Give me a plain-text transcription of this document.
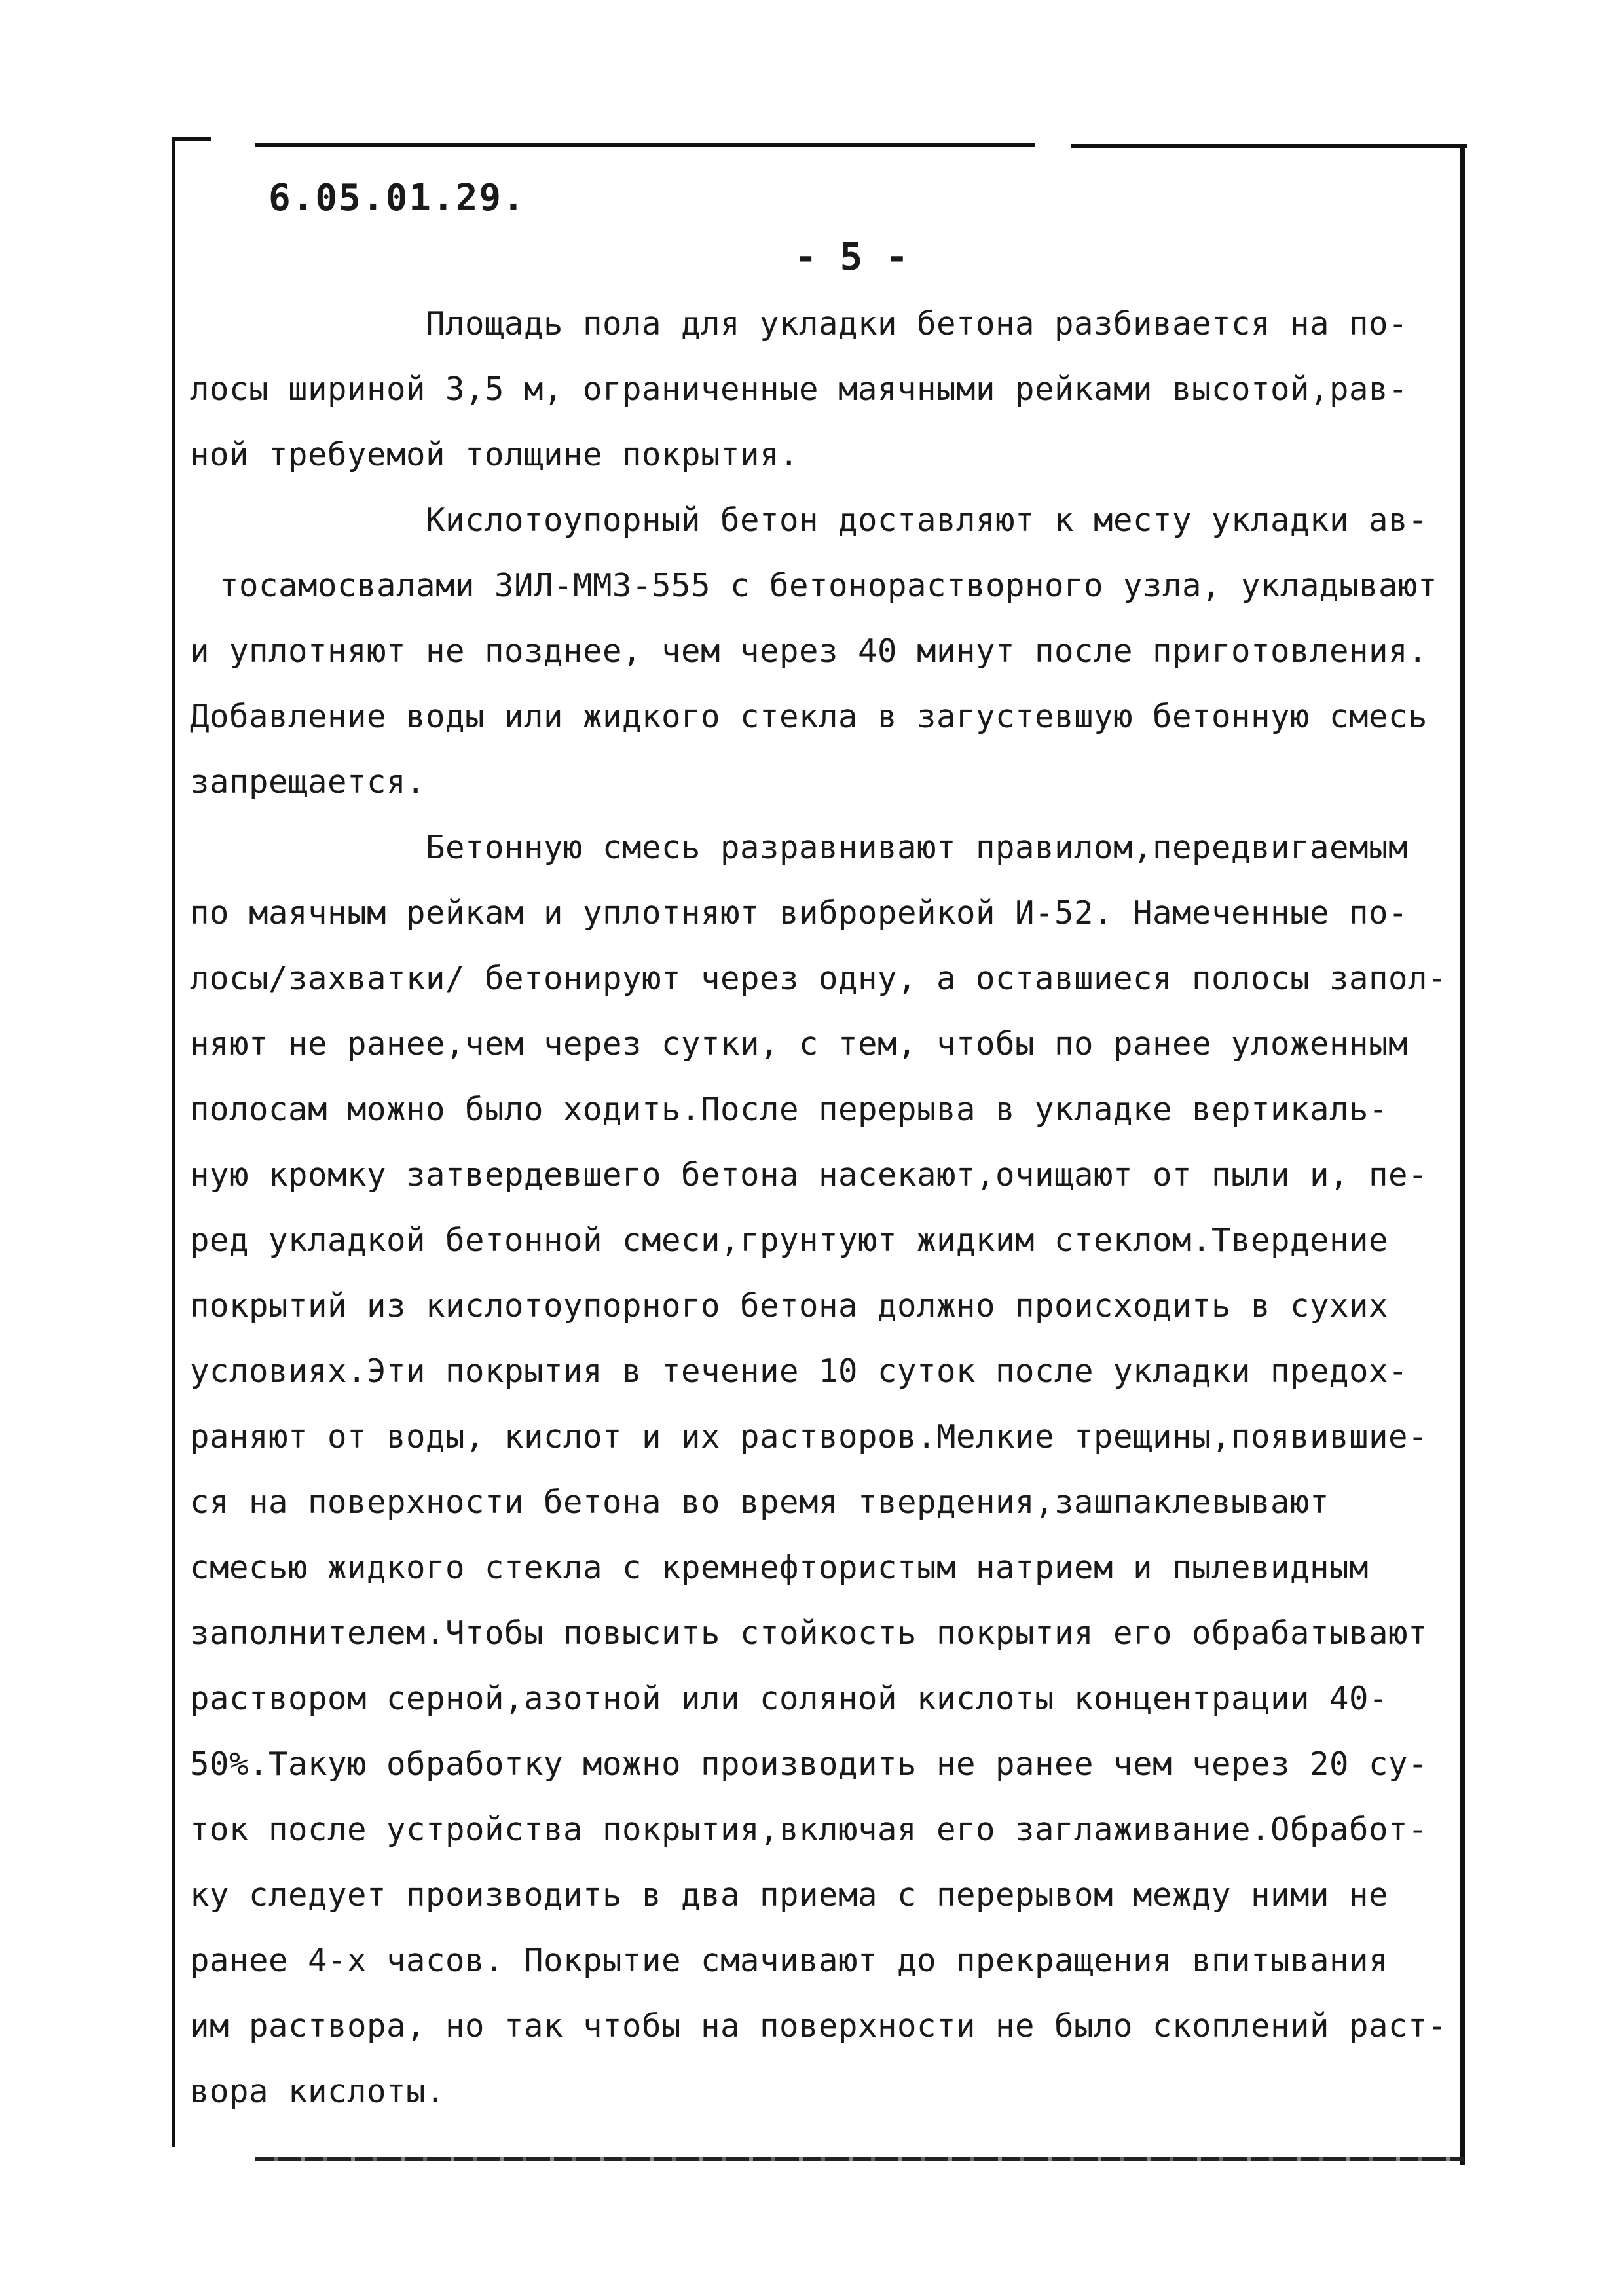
6.05.01.29.
- 5 -
Площадь пола для укладки бетона разбивается на по-
лосы шириной 3,5 м, ограниченные маячными рейками высотой,рав-
ной требуемой толщине покрытия.
Кислотоупорный бетон доставляют к месту укладки ав-
тосамосвалами ЗИЛ-ММЗ-555 с бетонорастворного узла, укладывают
и уплотняют не позднее, чем через 40 минут после приготовления.
Добавление воды или жидкого стекла в загустевшую бетонную смесь
запрещается.
Бетонную смесь разравнивают правилом,передвигаемым
по маячным рейкам и уплотняют виброрейкой И-52. Намеченные по-
лосы/захватки/ бетонируют через одну, а оставшиеся полосы запол-
няют не ранее,чем через сутки, с тем, чтобы по ранее уложенным
полосам можно было ходить.После перерыва в укладке вертикаль-
ную кромку затвердевшего бетона насекают,очищают от пыли и, пе-
ред укладкой бетонной смеси,грунтуют жидким стеклом.Твердение
покрытий из кислотоупорного бетона должно происходить в сухих
условиях.Эти покрытия в течение 10 суток после укладки предох-
раняют от воды, кислот и их растворов.Мелкие трещины,появившие-
ся на поверхности бетона во время твердения,зашпаклевывают
смесью жидкого стекла с кремнефтористым натрием и пылевидным
заполнителем.Чтобы повысить стойкость покрытия его обрабатывают
раствором серной,азотной или соляной кислоты концентрации 40-
50%.Такую обработку можно производить не ранее чем через 20 су-
ток после устройства покрытия,включая его заглаживание.Обработ-
ку следует производить в два приема с перерывом между ними не
ранее 4-х часов. Покрытие смачивают до прекращения впитывания
им раствора, но так чтобы на поверхности не было скоплений раст-
вора кислоты.
